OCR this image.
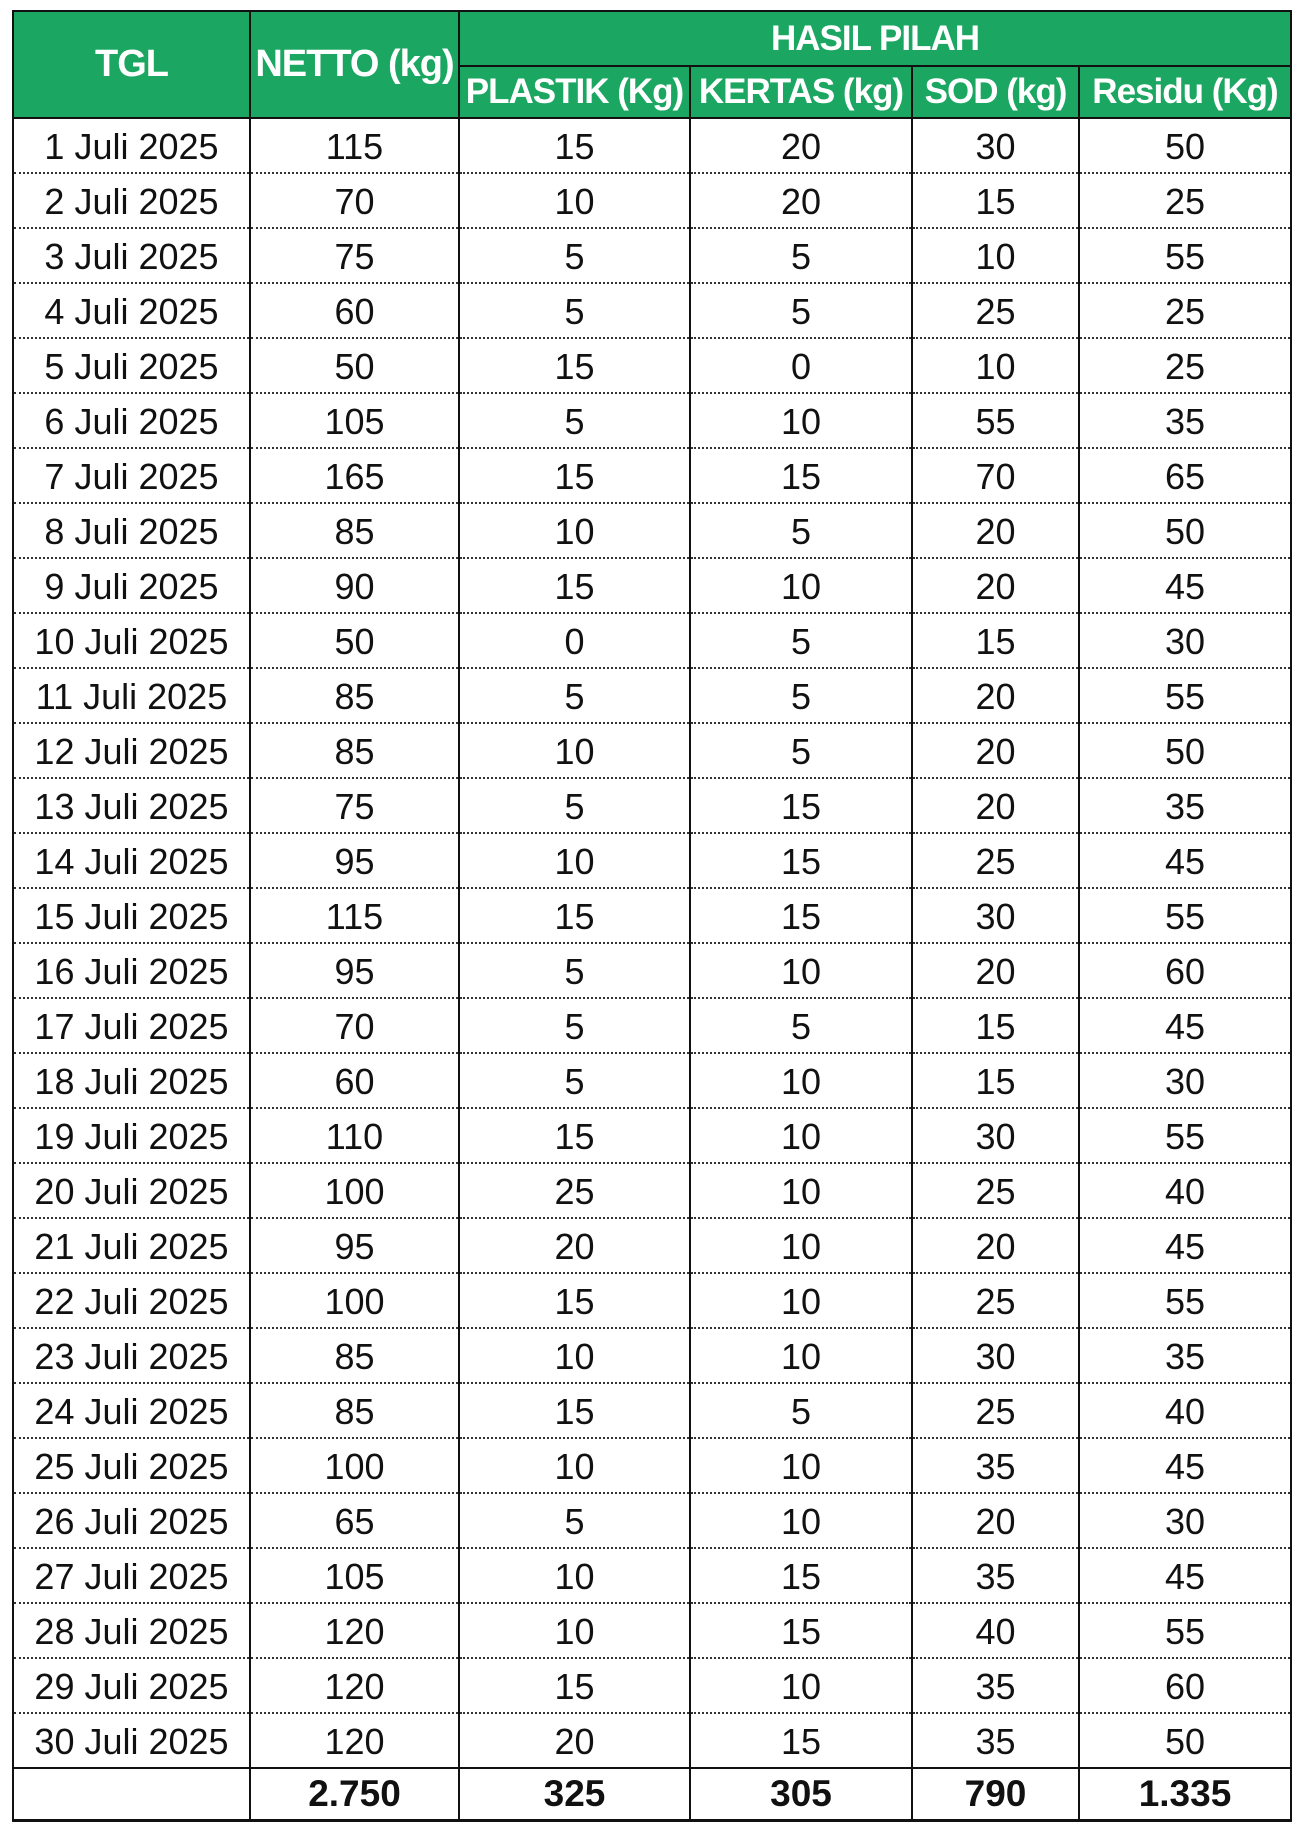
TGL	NETTO (kg)	HASIL PILAH			
		PLASTIK (Kg)	KERTAS (kg)	SOD (kg)	Residu (Kg)
1 Juli 2025	115	15	20	30	50
2 Juli 2025	70	10	20	15	25
3 Juli 2025	75	5	5	10	55
4 Juli 2025	60	5	5	25	25
5 Juli 2025	50	15	0	10	25
6 Juli 2025	105	5	10	55	35
7 Juli 2025	165	15	15	70	65
8 Juli 2025	85	10	5	20	50
9 Juli 2025	90	15	10	20	45
10 Juli 2025	50	0	5	15	30
11 Juli 2025	85	5	5	20	55
12 Juli 2025	85	10	5	20	50
13 Juli 2025	75	5	15	20	35
14 Juli 2025	95	10	15	25	45
15 Juli 2025	115	15	15	30	55
16 Juli 2025	95	5	10	20	60
17 Juli 2025	70	5	5	15	45
18 Juli 2025	60	5	10	15	30
19 Juli 2025	110	15	10	30	55
20 Juli 2025	100	25	10	25	40
21 Juli 2025	95	20	10	20	45
22 Juli 2025	100	15	10	25	55
23 Juli 2025	85	10	10	30	35
24 Juli 2025	85	15	5	25	40
25 Juli 2025	100	10	10	35	45
26 Juli 2025	65	5	10	20	30
27 Juli 2025	105	10	15	35	45
28 Juli 2025	120	10	15	40	55
29 Juli 2025	120	15	10	35	60
30 Juli 2025	120	20	15	35	50
	2.750	325	305	790	1.335
